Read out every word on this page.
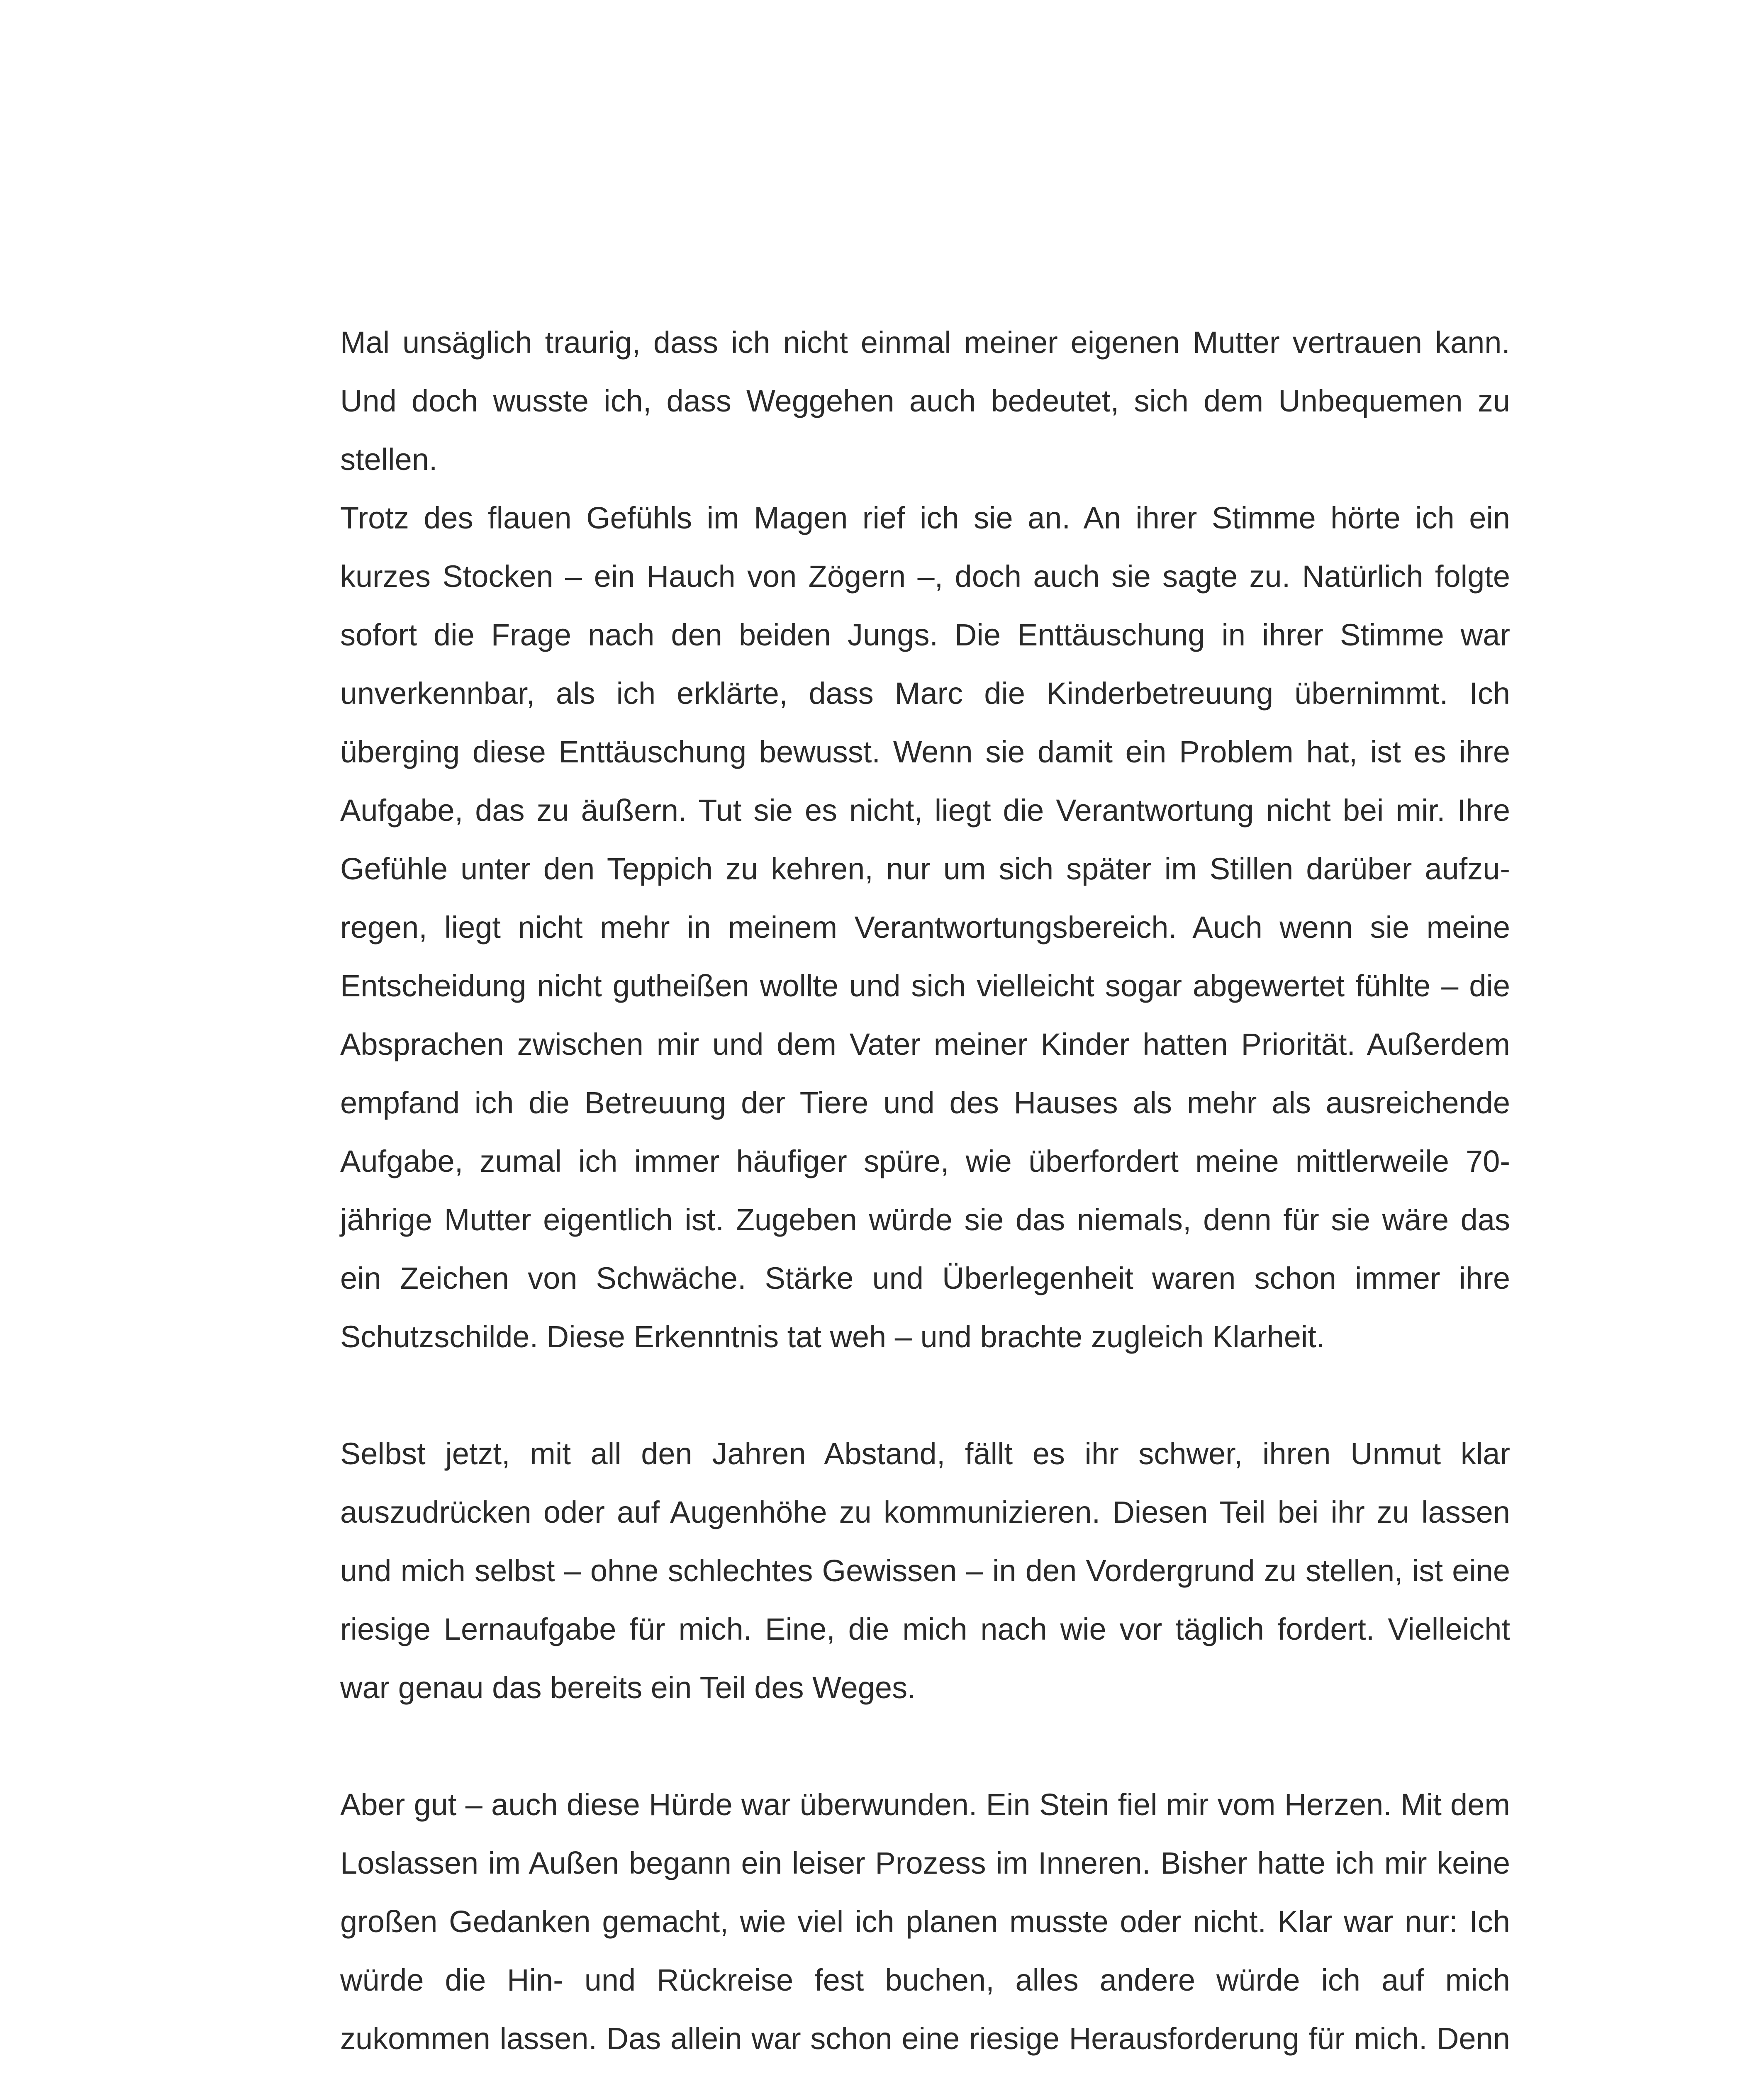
Mal unsäglich traurig, dass ich nicht einmal meiner eigenen Mutter vertrauen kann. Und doch wusste ich, dass Weggehen auch bedeutet, sich dem Unbequemen zu stellen.

Trotz des flauen Gefühls im Magen rief ich sie an. An ihrer Stimme hörte ich ein kurzes Stocken – ein Hauch von Zögern –, doch auch sie sagte zu. Natürlich folgte sofort die Frage nach den beiden Jungs. Die Enttäuschung in ihrer Stimme war unverkennbar, als ich erklärte, dass Marc die Kinderbetreuung übernimmt. Ich überging diese Enttäuschung bewusst. Wenn sie damit ein Problem hat, ist es ihre Aufgabe, das zu äußern. Tut sie es nicht, liegt die Verantwortung nicht bei mir. Ihre Gefühle unter den Teppich zu kehren, nur um sich später im Stillen darüber aufzuregen, liegt nicht mehr in meinem Verantwortungsbereich. Auch wenn sie meine Entscheidung nicht gutheißen wollte und sich vielleicht sogar abgewertet fühlte – die Absprachen zwischen mir und dem Vater meiner Kinder hatten Priorität. Außerdem empfand ich die Betreuung der Tiere und des Hauses als mehr als ausreichende Aufgabe, zumal ich immer häufiger spüre, wie überfordert meine mittlerweile 70-jährige Mutter eigentlich ist. Zugeben würde sie das niemals, denn für sie wäre das ein Zeichen von Schwäche. Stärke und Überlegenheit waren schon immer ihre Schutzschilde. Diese Erkenntnis tat weh – und brachte zugleich Klarheit.

Selbst jetzt, mit all den Jahren Abstand, fällt es ihr schwer, ihren Unmut klar auszudrücken oder auf Augenhöhe zu kommunizieren. Diesen Teil bei ihr zu lassen und mich selbst – ohne schlechtes Gewissen – in den Vordergrund zu stellen, ist eine riesige Lernaufgabe für mich. Eine, die mich nach wie vor täglich fordert. Vielleicht war genau das bereits ein Teil des Weges.

Aber gut – auch diese Hürde war überwunden. Ein Stein fiel mir vom Herzen. Mit dem Loslassen im Außen begann ein leiser Prozess im Inneren. Bisher hatte ich mir keine großen Gedanken gemacht, wie viel ich planen musste oder nicht. Klar war nur: Ich würde die Hin- und Rückreise fest buchen, alles andere würde ich auf mich zukommen lassen. Das allein war schon eine riesige Herausforderung für mich. Denn
